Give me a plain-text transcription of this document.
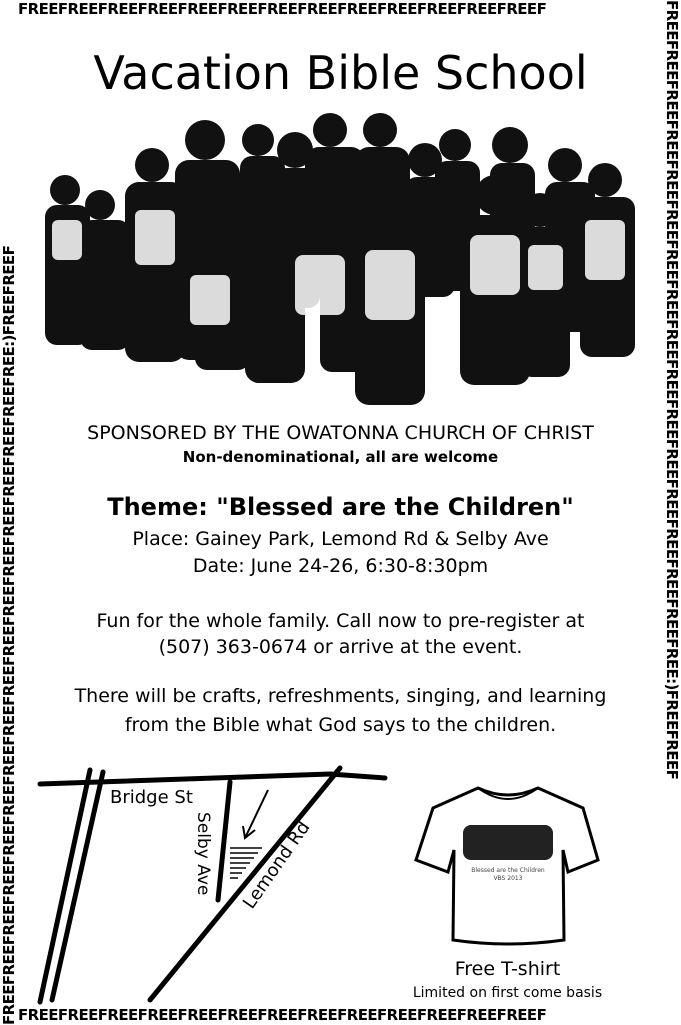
FREEFREEFREEFREEFREEFREEFREEFREEFREEFREEFREEFREEFREEF
FREEFREEFREEFREEFREEFREEFREEFREEFREEFREEFREEFREEFREEF
FREEFREEFREEFREEFREEFREEFREEFREEFREEFREEFREEFREEFREEFREEFREEFREEFREE:)FREEFREEF	FREEFREEFREEFREEFREEFREEFREEFREEFREEFREEFREEFREEFREEFREEFREEFREEFREE:)FREEFREEF
Vacation Bible School
SPONSORED BY THE OWATONNA CHURCH OF CHRIST
Non-denominational, all are welcome
Theme: "Blessed are the Children"
Place: Gainey Park, Lemond Rd & Selby Ave
Date: June 24-26, 6:30-8:30pm
Fun for the whole family. Call now to pre-register at
(507) 363-0674 or arrive at the event.
There will be crafts, refreshments, singing, and learning
from the Bible what God says to the children.
Bridge St
Selby Ave Lemond Rd	Blessed are the Children
VBS 2013
Free T-shirt
Limited on first come basis
